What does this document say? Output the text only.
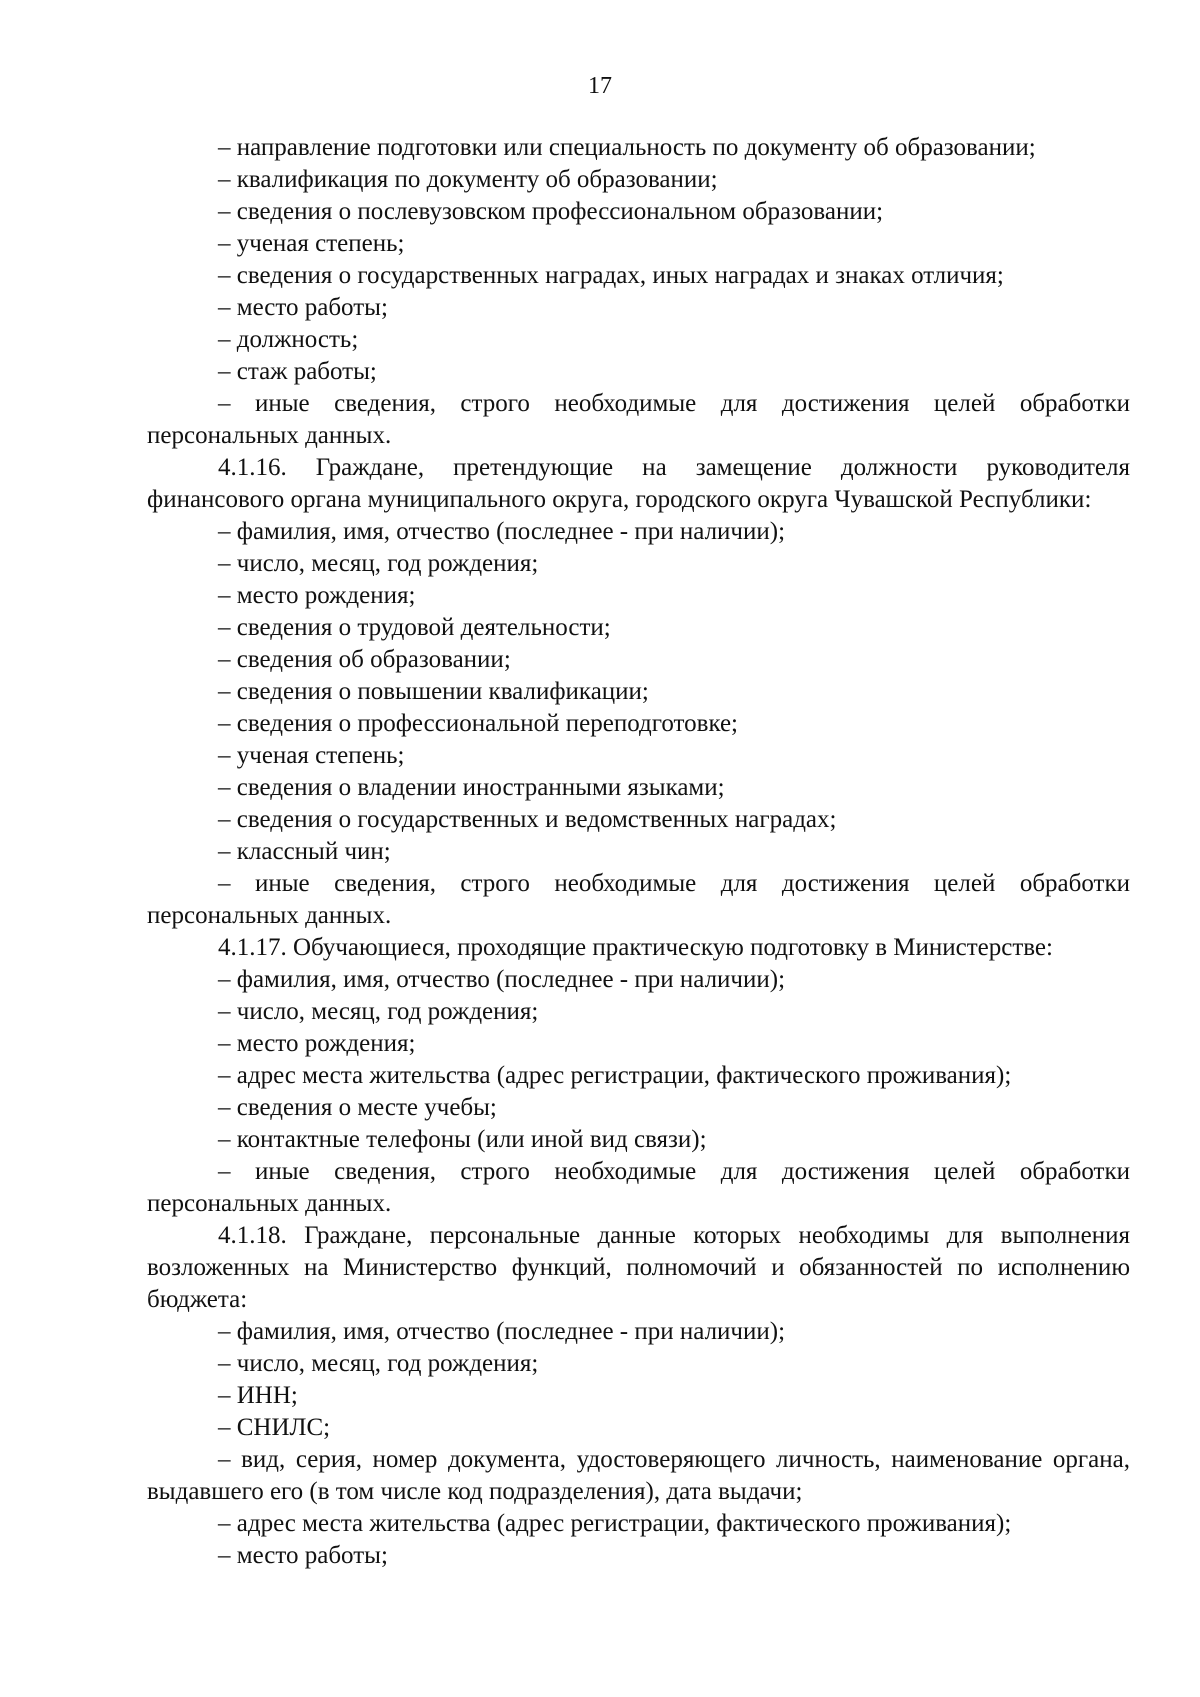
17

– направление подготовки или специальность по документу об образовании;

– квалификация по документу об образовании;

– сведения о послевузовском профессиональном образовании;

– ученая степень;

– сведения о государственных наградах, иных наградах и знаках отличия;

– место работы;

– должность;

– стаж работы;

– иные сведения, строго необходимые для достижения целей обработки персональных данных.

4.1.16. Граждане, претендующие на замещение должности руководителя финансового органа муниципального округа, городского округа Чувашской Республики:

– фамилия, имя, отчество (последнее - при наличии);

– число, месяц, год рождения;

– место рождения;

– сведения о трудовой деятельности;

– сведения об образовании;

– сведения о повышении квалификации;

– сведения о профессиональной переподготовке;

– ученая степень;

– сведения о владении иностранными языками;

– сведения о государственных и ведомственных наградах;

– классный чин;

– иные сведения, строго необходимые для достижения целей обработки персональных данных.

4.1.17. Обучающиеся, проходящие практическую подготовку в Министерстве:

– фамилия, имя, отчество (последнее - при наличии);

– число, месяц, год рождения;

– место рождения;

– адрес места жительства (адрес регистрации, фактического проживания);

– сведения о месте учебы;

– контактные телефоны (или иной вид связи);

– иные сведения, строго необходимые для достижения целей обработки персональных данных.

4.1.18. Граждане, персональные данные которых необходимы для выполнения возложенных на Министерство функций, полномочий и обязанностей по исполнению бюджета:

– фамилия, имя, отчество (последнее - при наличии);

– число, месяц, год рождения;

– ИНН;

– СНИЛС;

– вид, серия, номер документа, удостоверяющего личность, наименование органа, выдавшего его (в том числе код подразделения), дата выдачи;

– адрес места жительства (адрес регистрации, фактического проживания);

– место работы;
